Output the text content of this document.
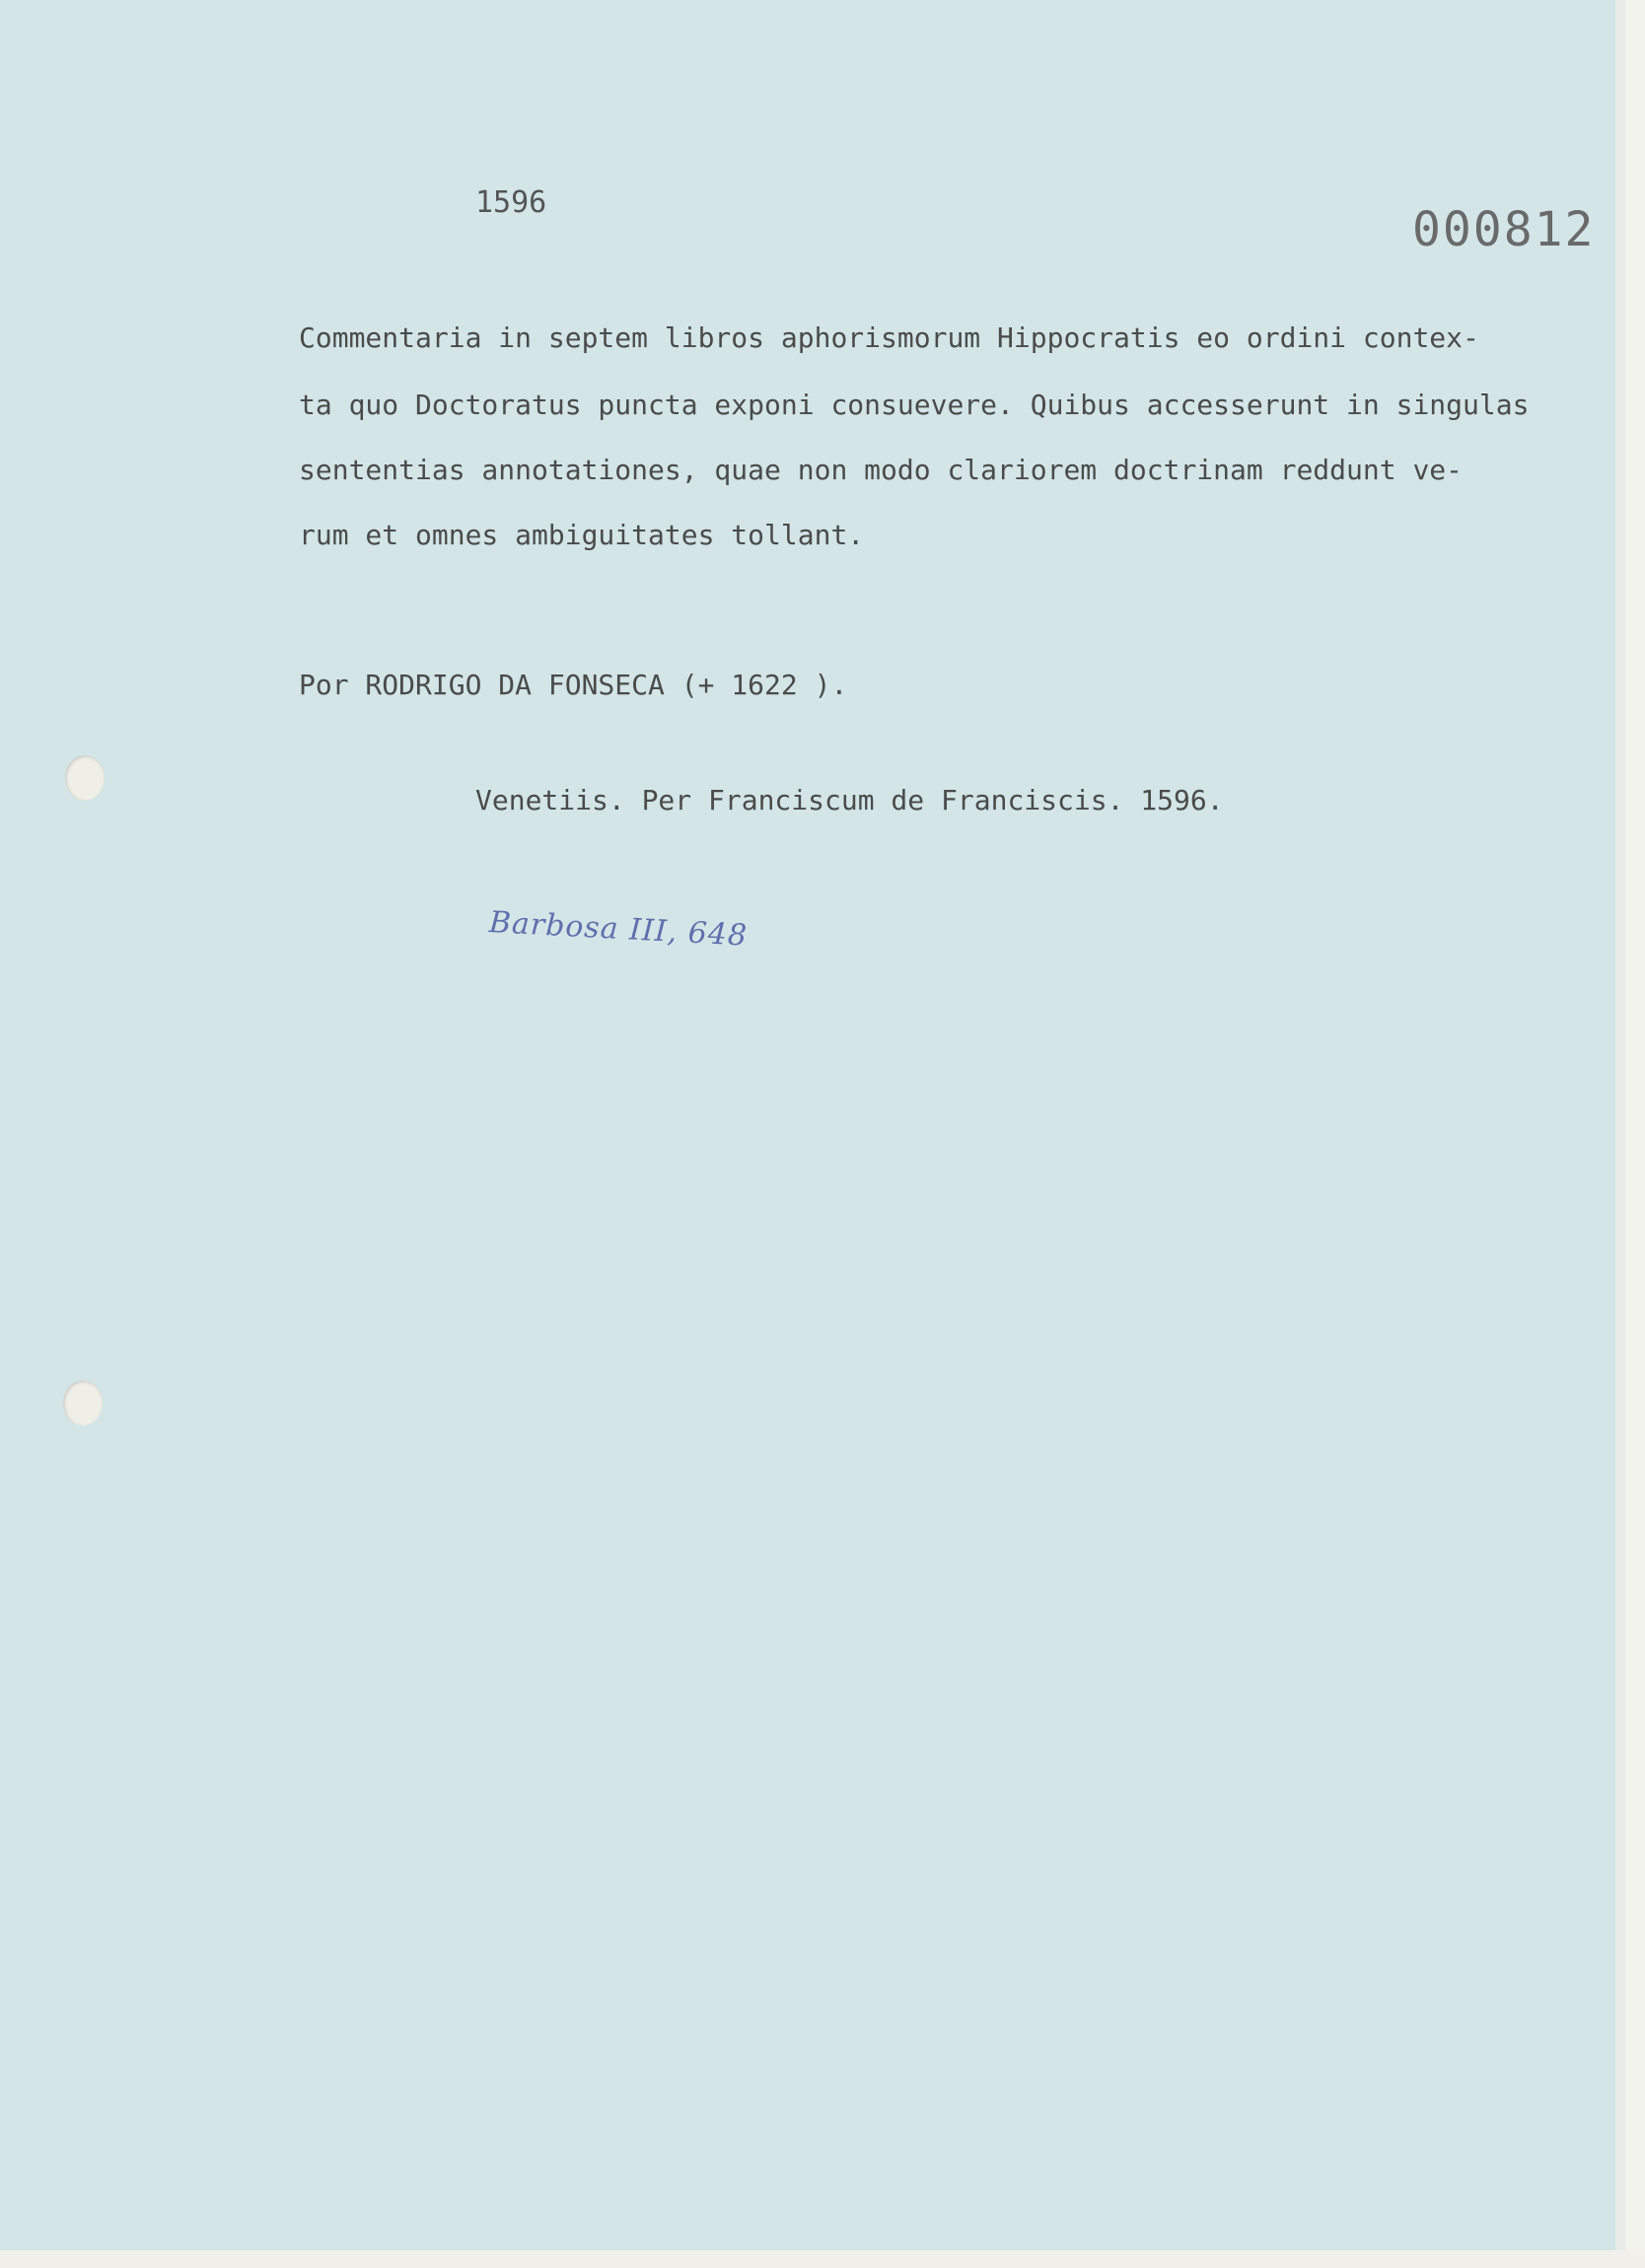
1596	000812

Commentaria in septem libros aphorismorum Hippocratis eo ordini contex-

ta quo Doctoratus puncta exponi consuevere. Quibus accesserunt in singulas

sententias annotationes, quae non modo clariorem doctrinam reddunt ve-

rum et omnes ambiguitates tollant.

Por RODRIGO DA FONSECA (+ 1622 ).

Venetiis. Per Franciscum de Franciscis. 1596.

Barbosa III, 648
